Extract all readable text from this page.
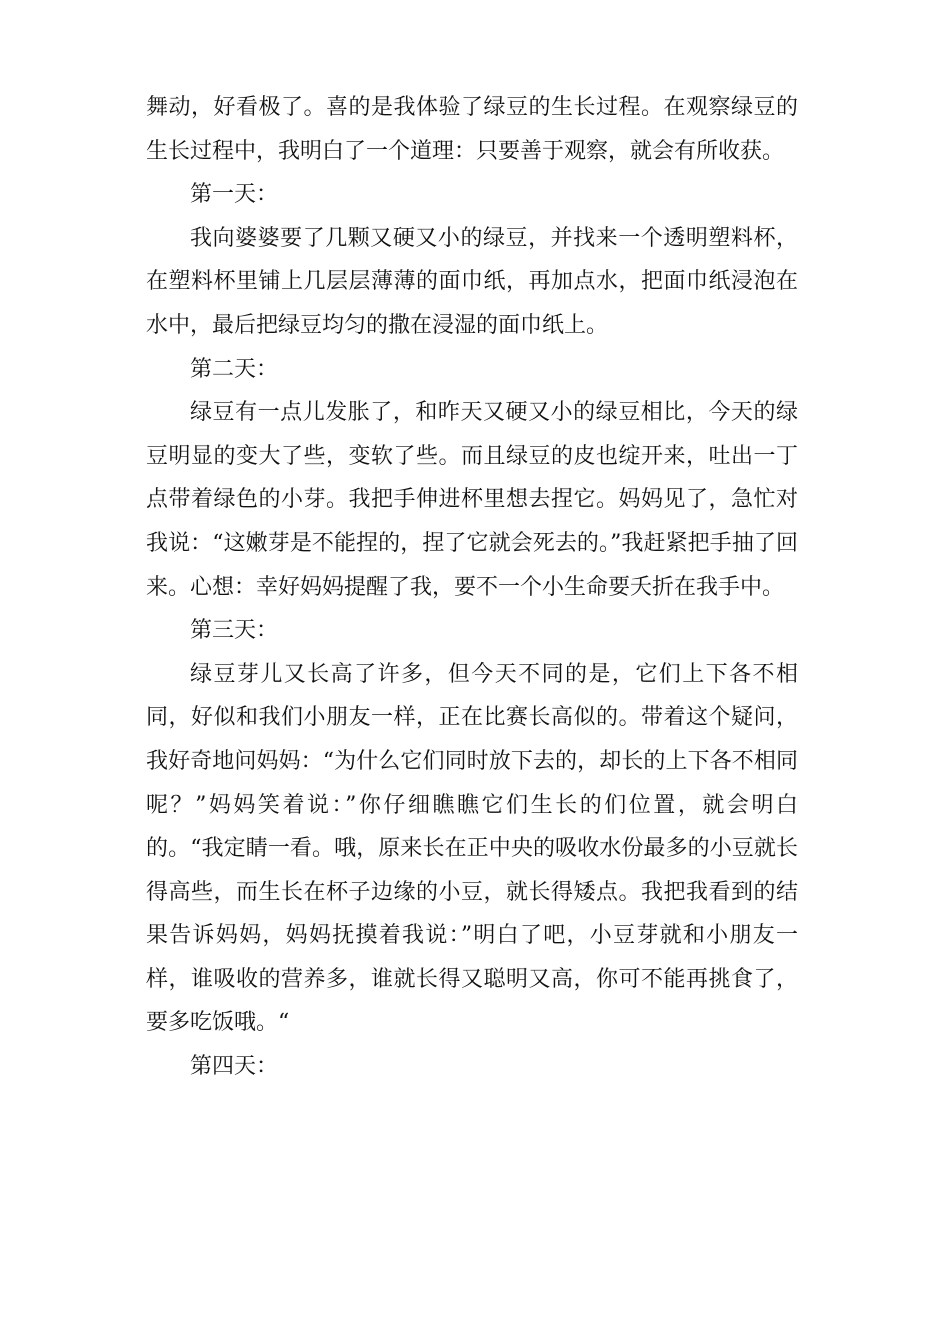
舞动，好看极了。喜的是我体验了绿豆的生长过程。在观察绿豆的生长过程中，我明白了一个道理：只要善于观察，就会有所收获。

第一天：

我向婆婆要了几颗又硬又小的绿豆，并找来一个透明塑料杯，在塑料杯里铺上几层层薄薄的面巾纸，再加点水，把面巾纸浸泡在水中，最后把绿豆均匀的撒在浸湿的面巾纸上。

第二天：

绿豆有一点儿发胀了，和昨天又硬又小的绿豆相比，今天的绿豆明显的变大了些，变软了些。而且绿豆的皮也绽开来，吐出一丁点带着绿色的小芽。我把手伸进杯里想去捏它。妈妈见了，急忙对我说：“这嫩芽是不能捏的，捏了它就会死去的。”我赶紧把手抽了回来。心想：幸好妈妈提醒了我，要不一个小生命要夭折在我手中。

第三天：

绿豆芽儿又长高了许多，但今天不同的是，它们上下各不相同，好似和我们小朋友一样，正在比赛长高似的。带着这个疑问，我好奇地问妈妈：“为什么它们同时放下去的，却长的上下各不相同呢？”妈妈笑着说：”你仔细瞧瞧它们生长的们位置，就会明白的。“我定睛一看。哦，原来长在正中央的吸收水份最多的小豆就长得高些，而生长在杯子边缘的小豆，就长得矮点。我把我看到的结果告诉妈妈，妈妈抚摸着我说：”明白了吧，小豆芽就和小朋友一样，谁吸收的营养多，谁就长得又聪明又高，你可不能再挑食了，要多吃饭哦。“

第四天：
